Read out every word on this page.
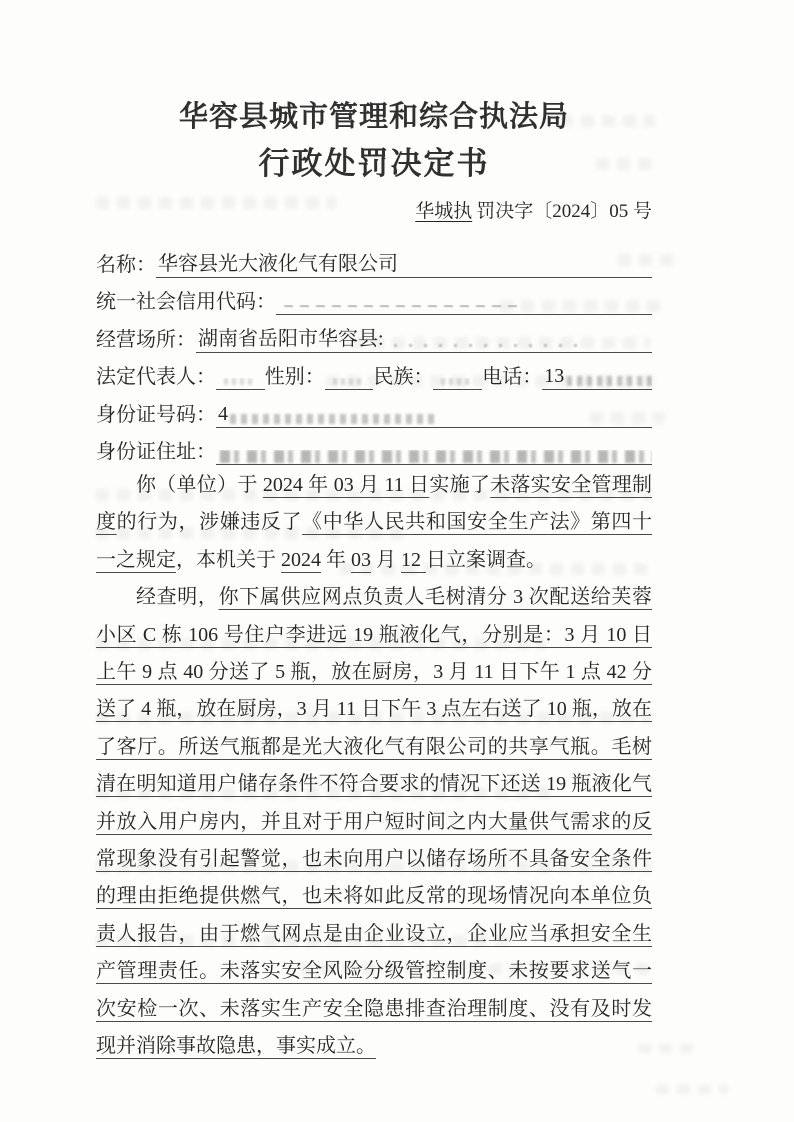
华容县城市管理和综合执法局
行政处罚决定书
华城执 罚决字〔2024〕05 号
名称： 华容县光大液化气有限公司
统一社会信用代码：
经营场所： 湖南省岳阳市华容县:
法定代表人： 性别： 民族： 电话： 13
身份证号码： 4
身份证住址：

你（单位）于 2024 年 03 月 11 日实施了未落实安全管理制度的行为，涉嫌违反了《中华人民共和国安全生产法》第四十一之规定，本机关于 2024 年 03 月 12 日立案调查。

经查明，你下属供应网点负责人毛树清分 3 次配送给芙蓉小区 C 栋 106 号住户李进远 19 瓶液化气，分别是：3 月 10 日上午 9 点 40 分送了 5 瓶，放在厨房，3 月 11 日下午 1 点 42 分送了 4 瓶，放在厨房，3 月 11 日下午 3 点左右送了 10 瓶，放在了客厅。所送气瓶都是光大液化气有限公司的共享气瓶。毛树清在明知道用户储存条件不符合要求的情况下还送 19 瓶液化气并放入用户房内，并且对于用户短时间之内大量供气需求的反常现象没有引起警觉，也未向用户以储存场所不具备安全条件的理由拒绝提供燃气，也未将如此反常的现场情况向本单位负责人报告，由于燃气网点是由企业设立，企业应当承担安全生产管理责任。未落实安全风险分级管控制度、未按要求送气一次安检一次、未落实生产安全隐患排查治理制度、没有及时发现并消除事故隐患，事实成立。
